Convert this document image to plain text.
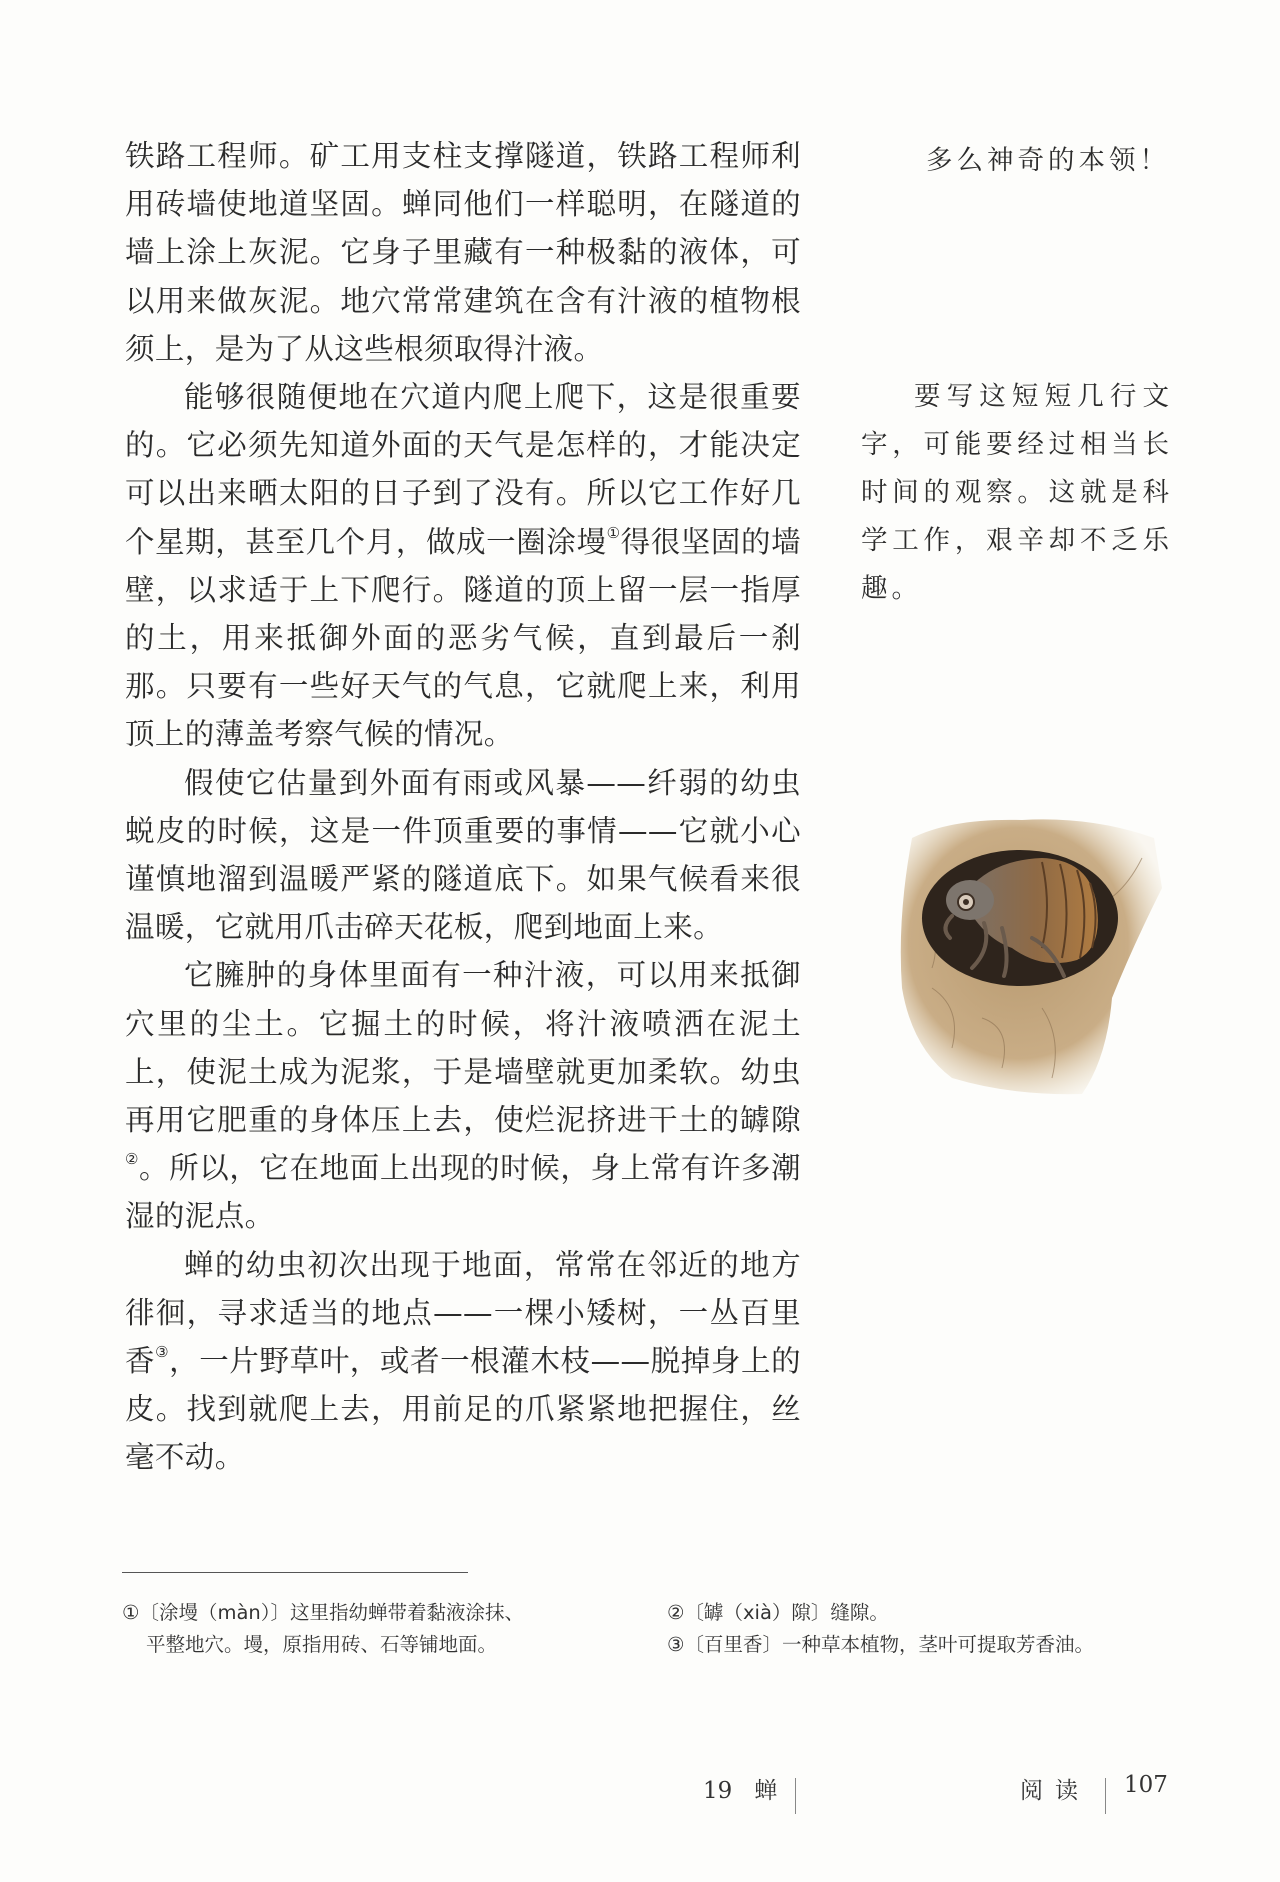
铁路工程师。矿工用支柱支撑隧道，铁路工程师利用砖墙使地道坚固。蝉同他们一样聪明，在隧道的墙上涂上灰泥。它身子里藏有一种极黏的液体，可以用来做灰泥。地穴常常建筑在含有汁液的植物根须上，是为了从这些根须取得汁液。

能够很随便地在穴道内爬上爬下，这是很重要的。它必须先知道外面的天气是怎样的，才能决定可以出来晒太阳的日子到了没有。所以它工作好几个星期，甚至几个月，做成一圈涂墁①得很坚固的墙壁，以求适于上下爬行。隧道的顶上留一层一指厚的土，用来抵御外面的恶劣气候，直到最后一刹那。只要有一些好天气的气息，它就爬上来，利用顶上的薄盖考察气候的情况。

假使它估量到外面有雨或风暴——纤弱的幼虫蜕皮的时候，这是一件顶重要的事情——它就小心谨慎地溜到温暖严紧的隧道底下。如果气候看来很温暖，它就用爪击碎天花板，爬到地面上来。

它臃肿的身体里面有一种汁液，可以用来抵御穴里的尘土。它掘土的时候，将汁液喷洒在泥土上，使泥土成为泥浆，于是墙壁就更加柔软。幼虫再用它肥重的身体压上去，使烂泥挤进干土的罅隙②。所以，它在地面上出现的时候，身上常有许多潮湿的泥点。

蝉的幼虫初次出现于地面，常常在邻近的地方徘徊，寻求适当的地点——一棵小矮树，一丛百里香③，一片野草叶，或者一根灌木枝——脱掉身上的皮。找到就爬上去，用前足的爪紧紧地把握住，丝毫不动。

多么神奇的本领！
要写这短短几行文字，可能要经过相当长时间的观察。这就是科学工作，艰辛却不乏乐趣。
①〔涂墁（màn）〕这里指幼蝉带着黏液涂抹、
平整地穴。墁，原指用砖、石等铺地面。
②〔罅（xià）隙〕缝隙。
③〔百里香〕一种草本植物，茎叶可提取芳香油。
19 蝉	阅读 107
